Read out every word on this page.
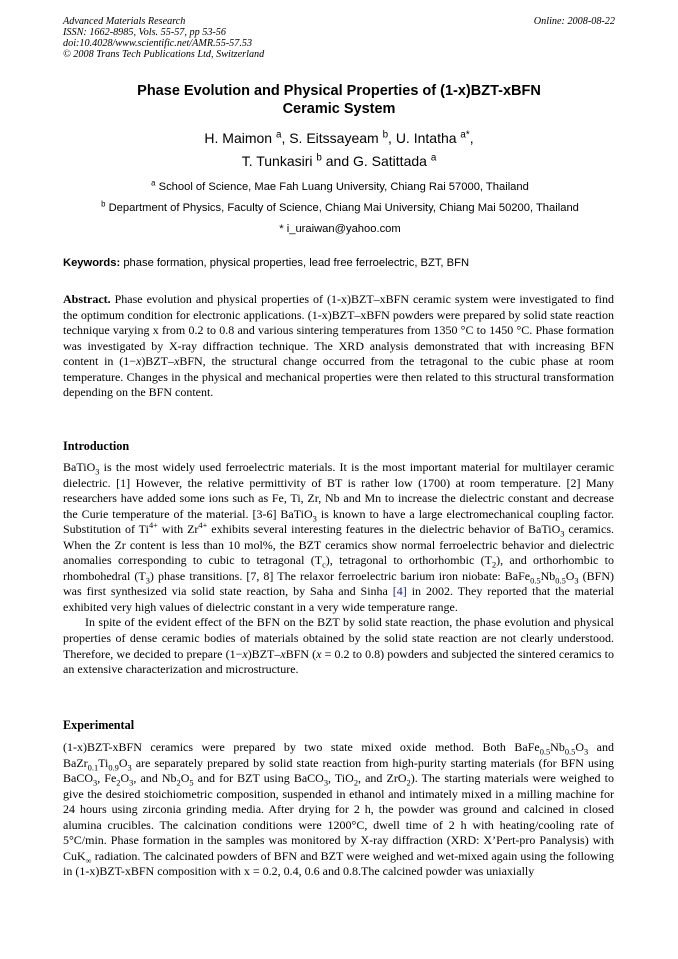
Advanced Materials Research
ISSN: 1662-8985, Vols. 55-57, pp 53-56
doi:10.4028/www.scientific.net/AMR.55-57.53
© 2008 Trans Tech Publications Ltd, Switzerland
Online: 2008-08-22
Phase Evolution and Physical Properties of (1-x)BZT-xBFN
Ceramic System
H. Maimon $^a$, S. Eitssayeam $^b$, U. Intatha $^{a*}$,
T. Tunkasiri $^b$ and G. Satittada $^a$
$^a$ School of Science, Mae Fah Luang University, Chiang Rai 57000, Thailand
$^b$ Department of Physics, Faculty of Science, Chiang Mai University, Chiang Mai 50200, Thailand
* i_uraiwan@yahoo.com
Keywords: phase formation, physical properties, lead free ferroelectric, BZT, BFN
Abstract. Phase evolution and physical properties of (1-x)BZT–xBFN ceramic system were investigated to find the optimum condition for electronic applications. (1-x)BZT–xBFN powders were prepared by solid state reaction technique varying x from 0.2 to 0.8 and various sintering temperatures from 1350 °C to 1450 °C. Phase formation was investigated by X-ray diffraction technique. The XRD analysis demonstrated that with increasing BFN content in (1−x)BZT–xBFN, the structural change occurred from the tetragonal to the cubic phase at room temperature. Changes in the physical and mechanical properties were then related to this structural transformation depending on the BFN content.
Introduction
BaTiO$_3$ is the most widely used ferroelectric materials. It is the most important material for multilayer ceramic dielectric. [1] However, the relative permittivity of BT is rather low (1700) at room temperature. [2] Many researchers have added some ions such as Fe, Ti, Zr, Nb and Mn to increase the dielectric constant and decrease the Curie temperature of the material. [3-6] BaTiO$_3$ is known to have a large electromechanical coupling factor. Substitution of $Ti^{4+}$ with $Zr^{4+}$ exhibits several interesting features in the dielectric behavior of BaTiO$_3$ ceramics. When the Zr content is less than 10 mol%, the BZT ceramics show normal ferroelectric behavior and dielectric anomalies corresponding to cubic to tetragonal $(T_c)$, tetragonal to orthorhombic $(T_2)$, and orthorhombic to rhombohedral $(T_3)$ phase transitions. [7, 8] The relaxor ferroelectric barium iron niobate: $BaFe_{0.5}Nb_{0.5}O_3$ (BFN) was first synthesized via solid state reaction, by Saha and Sinha [4] in 2002. They reported that the material exhibited very high values of dielectric constant in a very wide temperature range.
In spite of the evident effect of the BFN on the BZT by solid state reaction, the phase evolution and physical properties of dense ceramic bodies of materials obtained by the solid state reaction are not clearly understood. Therefore, we decided to prepare (1−x)BZT–xBFN (x = 0.2 to 0.8) powders and subjected the sintered ceramics to an extensive characterization and microstructure.
Experimental
(1-x)BZT-xBFN ceramics were prepared by two state mixed oxide method. Both $BaFe_{0.5}Nb_{0.5}O_3$ and $BaZr_{0.1}Ti_{0.9}O_3$ are separately prepared by solid state reaction from high-purity starting materials (for BFN using BaCO$_3$, $Fe_2O_3$, and $Nb_2O_5$ and for BZT using BaCO$_3$, TiO$_2$, and ZrO$_2$). The starting materials were weighed to give the desired stoichiometric composition, suspended in ethanol and intimately mixed in a milling machine for 24 hours using zirconia grinding media. After drying for 2 h, the powder was ground and calcined in closed alumina crucibles. The calcination conditions were 1200°C, dwell time of 2 h with heating/cooling rate of 5°C/min. Phase formation in the samples was monitored by X-ray diffraction (XRD: X’Pert-pro Panalysis) with CuK$_\infty$ radiation. The calcinated powders of BFN and BZT were weighed and wet-mixed again using the following in (1-x)BZT-xBFN composition with x = 0.2, 0.4, 0.6 and 0.8.The calcined powder was uniaxially
